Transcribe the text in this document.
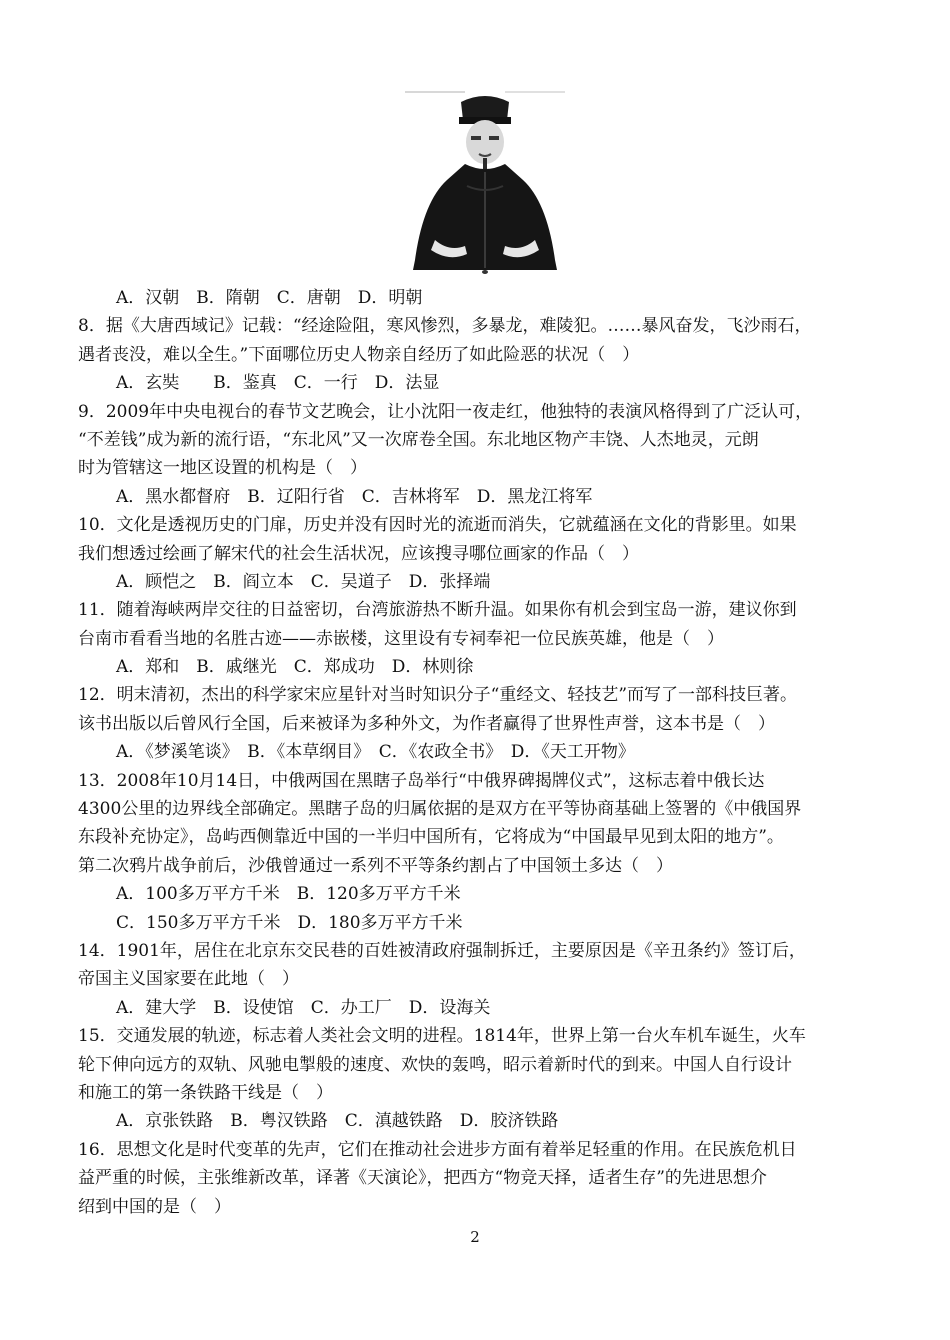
A．汉朝　B．隋朝　C．唐朝　D．明朝
8．据《大唐西域记》记载：“经途险阻，寒风惨烈，多暴龙，难陵犯。……暴风奋发，飞沙雨石，
遇者丧没，难以全生。”下面哪位历史人物亲自经历了如此险恶的状况（　）
A．玄奘　　B．鉴真　C．一行　D．法显
9．2009年中央电视台的春节文艺晚会，让小沈阳一夜走红，他独特的表演风格得到了广泛认可，
“不差钱”成为新的流行语，“东北风”又一次席卷全国。东北地区物产丰饶、人杰地灵，元朗
时为管辖这一地区设置的机构是（　）
A．黑水都督府　B．辽阳行省　C．吉林将军　D．黑龙江将军
10．文化是透视历史的门扉，历史并没有因时光的流逝而消失，它就蕴涵在文化的背影里。如果
我们想透过绘画了解宋代的社会生活状况，应该搜寻哪位画家的作品（　）
A．顾恺之　B．阎立本　C．吴道子　D．张择端
11．随着海峡两岸交往的日益密切，台湾旅游热不断升温。如果你有机会到宝岛一游，建议你到
台南市看看当地的名胜古迹——赤嵌楼，这里设有专祠奉祀一位民族英雄，他是（　）
A．郑和　B．戚继光　C．郑成功　D．林则徐
12．明末清初，杰出的科学家宋应星针对当时知识分子“重经文、轻技艺”而写了一部科技巨著。
该书出版以后曾风行全国，后来被译为多种外文，为作者赢得了世界性声誉，这本书是（　）
A．《梦溪笔谈》　B．《本草纲目》　C．《农政全书》　D．《天工开物》
13．2008年10月14日，中俄两国在黑瞎子岛举行“中俄界碑揭牌仪式”，这标志着中俄长达
4300公里的边界线全部确定。黑瞎子岛的归属依据的是双方在平等协商基础上签署的《中俄国界
东段补充协定》，岛屿西侧靠近中国的一半归中国所有，它将成为“中国最早见到太阳的地方”。
第二次鸦片战争前后，沙俄曾通过一系列不平等条约割占了中国领土多达（　）
A．100多万平方千米　B．120多万平方千米
C．150多万平方千米　D．180多万平方千米
14．1901年，居住在北京东交民巷的百姓被清政府强制拆迁，主要原因是《辛丑条约》签订后，
帝国主义国家要在此地（　）
A．建大学　B．设使馆　C．办工厂　D．设海关
15．交通发展的轨迹，标志着人类社会文明的进程。1814年，世界上第一台火车机车诞生，火车
轮下伸向远方的双轨、风驰电掣般的速度、欢快的轰鸣，昭示着新时代的到来。中国人自行设计
和施工的第一条铁路干线是（　）
A．京张铁路　B．粤汉铁路　C．滇越铁路　D．胶济铁路
16．思想文化是时代变革的先声，它们在推动社会进步方面有着举足轻重的作用。在民族危机日
益严重的时候，主张维新改革，译著《天演论》，把西方“物竞天择，适者生存”的先进思想介
绍到中国的是（　）
2
